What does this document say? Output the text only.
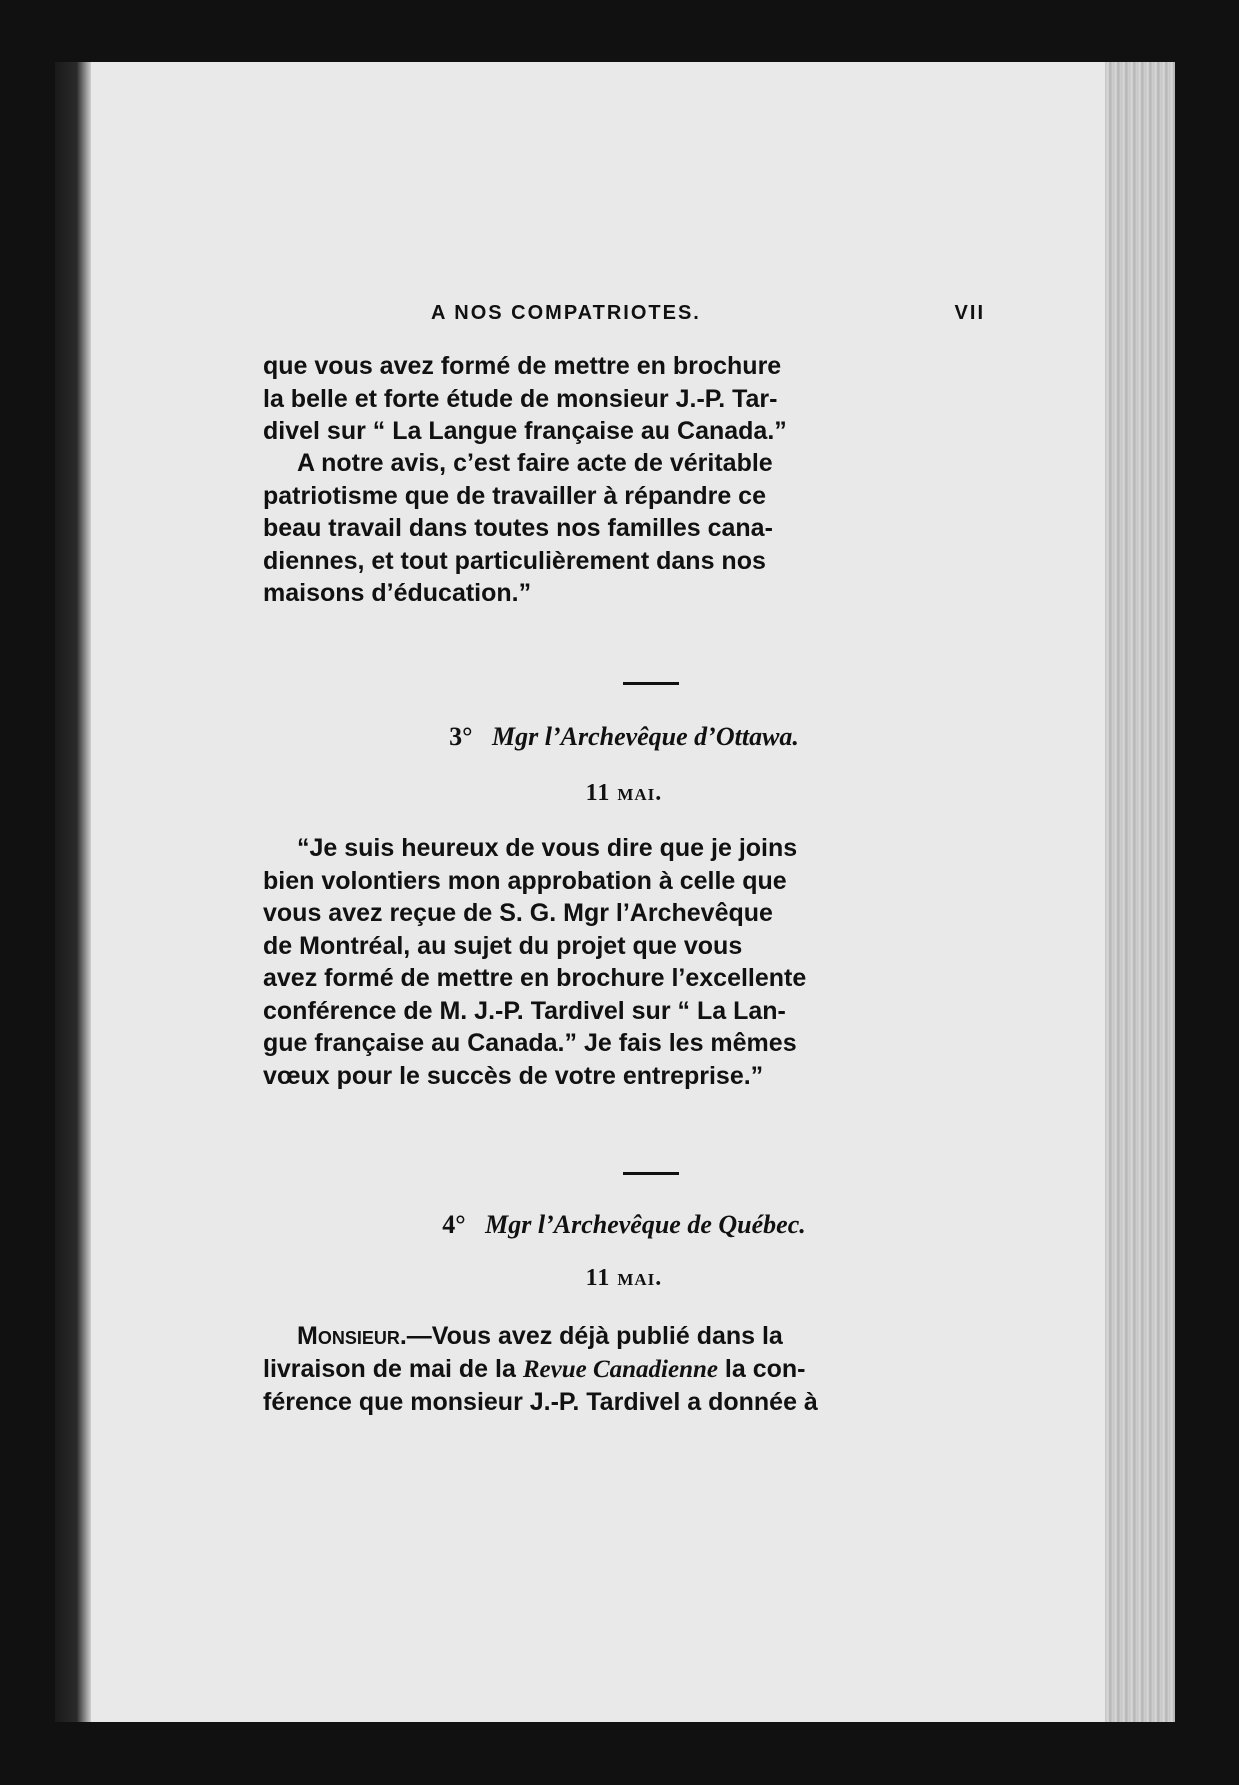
A NOS COMPATRIOTES.	VII
que vous avez formé de mettre en brochure
la belle et forte étude de monsieur J.-P. Tar-
divel sur “ La Langue française au Canada.”
A notre avis, c’est faire acte de véritable
patriotisme que de travailler à répandre ce
beau travail dans toutes nos familles cana-
diennes, et tout particulièrement dans nos
maisons d’éducation.”
3° Mgr l’Archevêque d’Ottawa.
11 mai.
“Je suis heureux de vous dire que je joins
bien volontiers mon approbation à celle que
vous avez reçue de S. G. Mgr l’Archevêque
de Montréal, au sujet du projet que vous
avez formé de mettre en brochure l’excellente
conférence de M. J.-P. Tardivel sur “ La Lan-
gue française au Canada.” Je fais les mêmes
vœux pour le succès de votre entreprise.”
4° Mgr l’Archevêque de Québec.
11 mai.
Monsieur.—Vous avez déjà publié dans la
livraison de mai de la Revue Canadienne la con-
férence que monsieur J.-P. Tardivel a donnée à
